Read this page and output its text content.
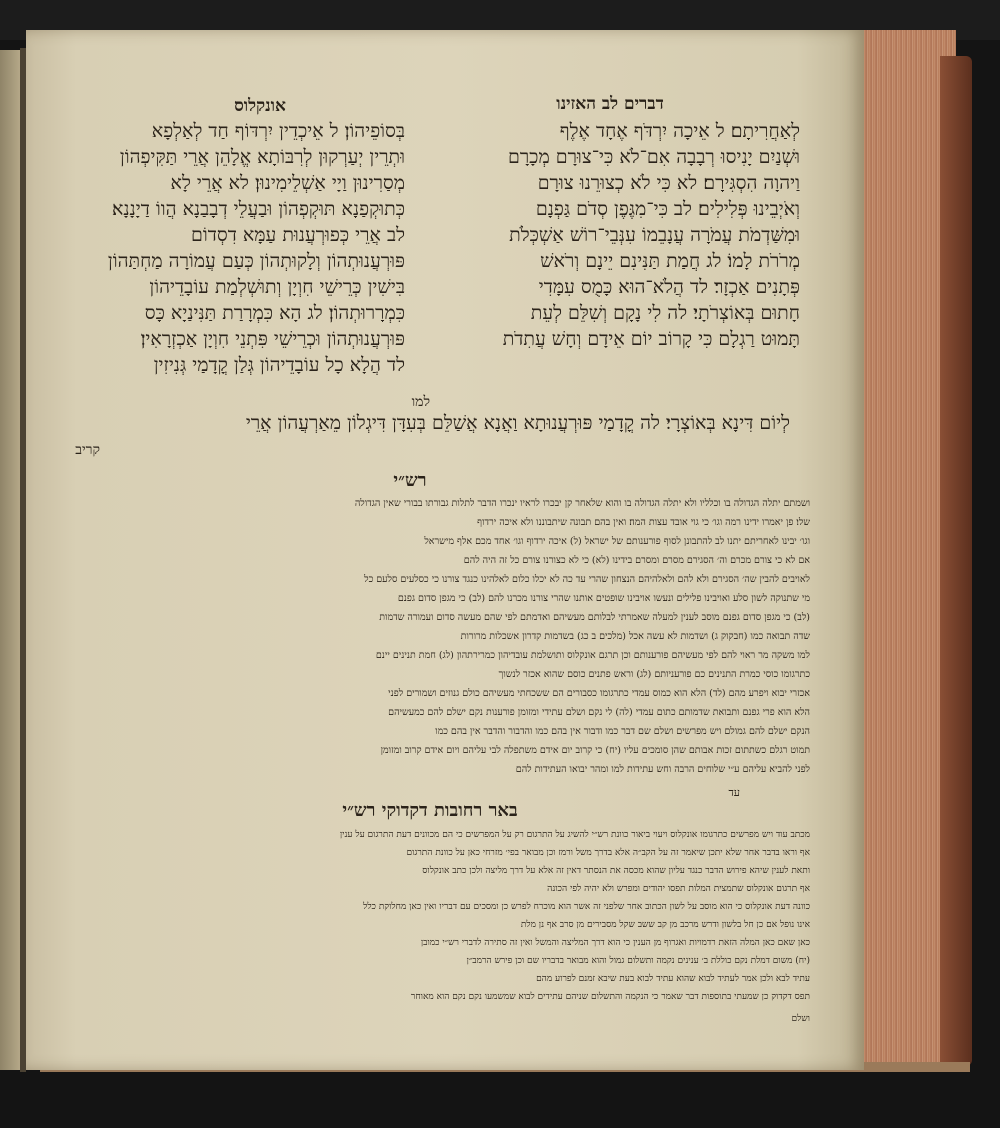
דברים לב האזינו
אונקלוס
לְאַחֲרִיתָם׃ ל אֵיכָה יִרְדֹּף אֶחָד אֶלֶף
וּשְׁנַיִם יָנִיסוּ רְבָבָה אִם־לֹא כִּי־צוּרָם מְכָרָם
וַיהוָה הִסְגִּירָם׃ לא כִּי לֹא כְצוּרֵנוּ צוּרָם
וְאֹיְבֵינוּ פְּלִילִים׃ לב כִּי־מִגֶּפֶן סְדֹם גַּפְנָם
וּמִשַּׁדְמֹת עֲמֹרָה עֲנָבֵמוֹ עִנְּבֵי־רוֹשׁ אַשְׁכְּלֹת
מְרֹרֹת לָמוֹ׃ לג חֲמַת תַּנִּינִם יֵינָם וְרֹאשׁ
פְּתָנִים אַכְזָר׃ לד הֲלֹא־הוּא כָּמֻס עִמָּדִי
חָתוּם בְּאוֹצְרֹתָי׃ לה לִי נָקָם וְשִׁלֵּם לְעֵת
תָּמוּט רַגְלָם כִּי קָרוֹב יוֹם אֵידָם וְחָשׁ עֲתִדֹת
למו
בְּסוֹפֵיהוֹן׃ ל אֵיכְדֵין יִרְדּוֹף חַד לְאַלְפָא
וּתְרֵין יְעַרְקוּן לְרִבּוֹתָא אֱלָהֵן אֲרֵי תַּקִּיפְהוֹן
מְסַרִינוּן וַיָי אַשְׁלֵימִינוּן׃ לא אֲרֵי לָא
כְּתוּקְפַנָא תּוּקְפְהוֹן וּבַעֲלֵי דְבָבַנָא הֲווֹ דַיָנָנָא׃
לב אֲרֵי כְּפוּרְעֲנוּת עַמָּא דִסְדוֹם
פּוּרְעֲנוּתְהוֹן וְלָקוּתְהוֹן כְּעַם עֲמוֹרָה מַחְתַּהוֹן
בִּישִׁין כְּרֵישֵׁי חִוְיָן וְתוּשְׁלְמַת עוֹבָדֵיהוֹן
כִּמְרָרוּתְהוֹן׃ לג הָא כִּמְרָרַת תַּנִּינַיָא כָּס
פּוּרְעֲנוּתְהוֹן וּכְרֵישֵׁי פִּתְנֵי חִוְיָן אַכְזְרָאִין׃
לד הֲלָא כָל עוֹבָדֵיהוֹן גְּלַן קֳדָמַי גְּנִיזִין
לְיוֹם דִּינָא בְּאוֹצְרָי׃ לה קֳדָמַי פּוּרְעֲנוּתָא וַאֲנָא אֲשַׁלֵּם בְּעִדָּן דִּיגְלוֹן מֵאַרְעֲהוֹן אֲרֵי
קריב
רש״י
ושמתם יתלה הגדולה בו וכלליו ולא יתלה הגדולה בו והוא שלאחר קן יבכרו לראיו ינכרו הדבר לתלות גבורתו בבורי שאין הגדולה
שלו׃ פן יאמרו ידינו רמה וגו׳ כי גוי אובד עצות המה׃ ואין בהם תבונה שיתבוננו ולא איכה ירדוף
וגו׳ יבינו לאחריתם יתנו לב להתבונן לסוף פורענותם של ישראל (ל) איכה ירדוף וגו׳ אחד מכם אלף מישראל
אם לא כי צורם מכרם וה׳ הסגירם מסרם ומסרם בידינו (לא) כי לא כצורנו צורם כל זה היה להם
לאויבים להבין שה׳ הסגירם ולא להם ולאלהיהם הנצחון שהרי עד כה לא יכלו כלום לאלהינו כנגד צורנו כי כסלעים סלעם כל
מי שתנוקה לשון סלע ואויבינו פלילים ונעשו אויבינו שופטים אותנו שהרי צורנו מכרנו להם (לב) כי מגפן סדום גפנם
(לב) כי מגפן סדום גפנם מוסב לענין למעלה שאמרתי לבלותם מעשיהם ואדמתם לפי שהם מעשה סדום ועמורה שדמות
שדה תבואה כמו (חבקוק ג) ושדמות לא עשה אכל (מלכים ב כג) בשדמות קדרון אשכלות מרורות
למו משקה מר ראוי להם לפי מעשיהם פורענותם וכן תרגם אונקלוס ותושלמת עובדיהון כמרירתהון (לג) חמת תנינים יינם
כתרגומו כוסי כמרת התנינים כם פורעניותם (לג) וראש פתנים כוסם שהוא אכזר לנשוך
אכזרי יבוא ויפרע מהם (לד) הלא הוא כמוס עמדי כתרגומו כסבורים הם ששכחתי מעשיהם כולם גנוזים ושמורים לפני
הלא הוא פרי גפנם ותבואת שדמותם כתום עמדי (לה) לי נקם ושלם עתידי ומזומן פורענות נקם ישלם להם כמעשיהם
הנקם ישלם להם גמולם ויש מפרשים ושלם שם דבר כמו ודבור אין בהם כמו והדבור והדבר אין בהם כמו
תמוט רגלם כשתתום זכות אבותם שהן סומכים עליו (יח) כי קרוב יום אידם משתפלה לבי עליהם ויום אידם קרוב ומזומן
לפני להביא עליהם ע״י שלוחים הרבה וחש עתידות למו ומהר יבואו העתידות להם
עד
באר רחובות דקדוקי רש״י
מכתב עוד ויש מפרשים כתרגומו אונקלוס ויעוי ביאור כוונת רש״י להשיג על התרגום רק על המפרשים כי הם מכוונים דעת התרגום על ענין
אף וראו בדבר אחר שלא יתכן שיאמר זה על הקב״ה אלא בדרך משל ורמז וכן מבואר בפי׳ מזרחי כאן על כוונת התרגום
ותאת לענין שיהא פירוש הדבר כנגד עליון שהוא מכסה את הנסתר דאין זה אלא על דרך מליצה ולכן כתב אונקלוס
אף תרגום אונקלוס שתמצית המלות תפסו יהודים ומפרש ולא יהיה לפי הכונה
כוונה דעת אונקלוס כי הוא מוסב על לשון הכתוב אחר שלפני זה אשר הוא מוכרח לפרש כן ומסכים עם דבריו ואין כאן מחלוקת כלל
אינו נופל אם כן חל בלשון ודרש מרכב מן קב ששב שקל מסבירים מן סרב אף נן מלת
כאן שאם כאן המלה הזאת רדמויות ואגרוף מן הענין כי הוא דרך המליצה והמשל ואין זה סתירה לדברי רש״י כמובן
(יח) משום דמלת נקם כוללת ב׳ ענינים נקמה ותשלום גמול והוא מבואר בדבריו שם וכן פירש הרמב״ן
עתיד לבא ולכן אמר לעתיד לבוא שהוא עתיד לבוא בעת שיבא זמנם לפרוע מהם
תפס דקדוק כן שמעתי בתוספות דבר שאמר כי הנקמה והתשלום שניהם עתידים לבוא שמשמעו נקם נקם הוא מאוחר
ושלם
